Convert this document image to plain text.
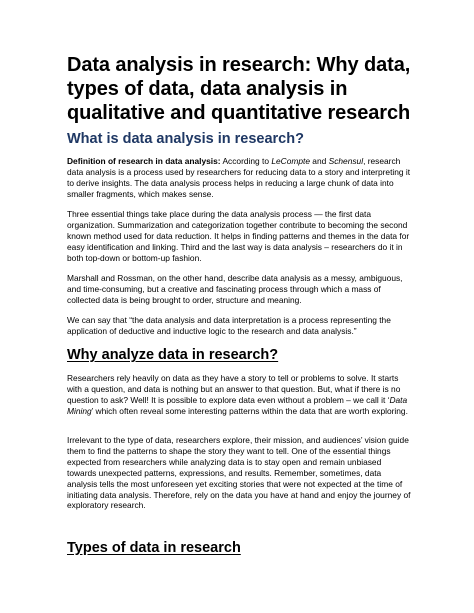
Data analysis in research: Why data, types of data, data analysis in qualitative and quantitative research
What is data analysis in research?

Definition of research in data analysis: According to LeCompte and Schensul, research data analysis is a process used by researchers for reducing data to a story and interpreting it to derive insights. The data analysis process helps in reducing a large chunk of data into smaller fragments, which makes sense.

Three essential things take place during the data analysis process — the first data organization. Summarization and categorization together contribute to becoming the second known method used for data reduction. It helps in finding patterns and themes in the data for easy identification and linking. Third and the last way is data analysis – researchers do it in both top-down or bottom-up fashion.

Marshall and Rossman, on the other hand, describe data analysis as a messy, ambiguous, and time-consuming, but a creative and fascinating process through which a mass of collected data is being brought to order, structure and meaning.

We can say that “the data analysis and data interpretation is a process representing the application of deductive and inductive logic to the research and data analysis.”

Why analyze data in research?

Researchers rely heavily on data as they have a story to tell or problems to solve. It starts with a question, and data is nothing but an answer to that question. But, what if there is no question to ask? Well! It is possible to explore data even without a problem – we call it ‘Data Mining’ which often reveal some interesting patterns within the data that are worth exploring.

Irrelevant to the type of data, researchers explore, their mission, and audiences’ vision guide them to find the patterns to shape the story they want to tell. One of the essential things expected from researchers while analyzing data is to stay open and remain unbiased towards unexpected patterns, expressions, and results. Remember, sometimes, data analysis tells the most unforeseen yet exciting stories that were not expected at the time of initiating data analysis. Therefore, rely on the data you have at hand and enjoy the journey of exploratory research.

Types of data in research
